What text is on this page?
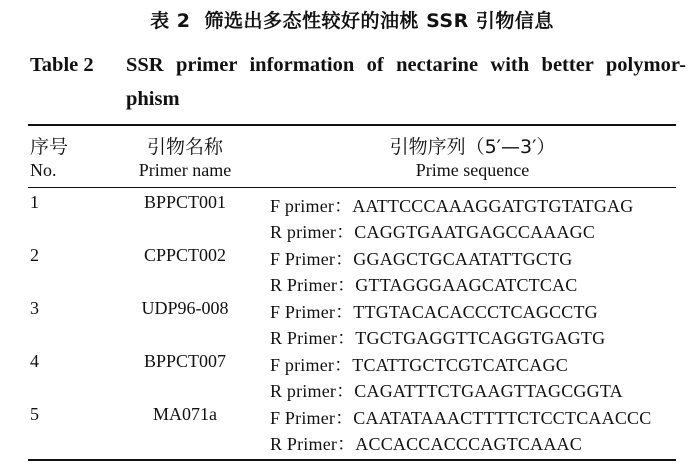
表 2 筛选出多态性较好的油桃 SSR 引物信息
Table 2 SSR primer information of nectarine with better polymor-
phism
序号	引物名称	引物序列（5′—3′）
No.	Primer name	Prime sequence
1	BPPCT001	F primer：AATTCCCAAAGGATGTGTATGAG
R primer：CAGGTGAATGAGCCAAAGC
2	CPPCT002	F Primer：GGAGCTGCAATATTGCTG
R Primer：GTTAGGGAAGCATCTCAC
3	UDP96-008	F Primer：TTGTACACACCCTCAGCCTG
R Primer：TGCTGAGGTTCAGGTGAGTG
4	BPPCT007	F primer：TCATTGCTCGTCATCAGC
R primer：CAGATTTCTGAAGTTAGCGGTA
5	MA071a	F Primer：CAATATAAACTTTTCTCCTCAACCC
R Primer：ACCACCACCCAGTCAAAC
